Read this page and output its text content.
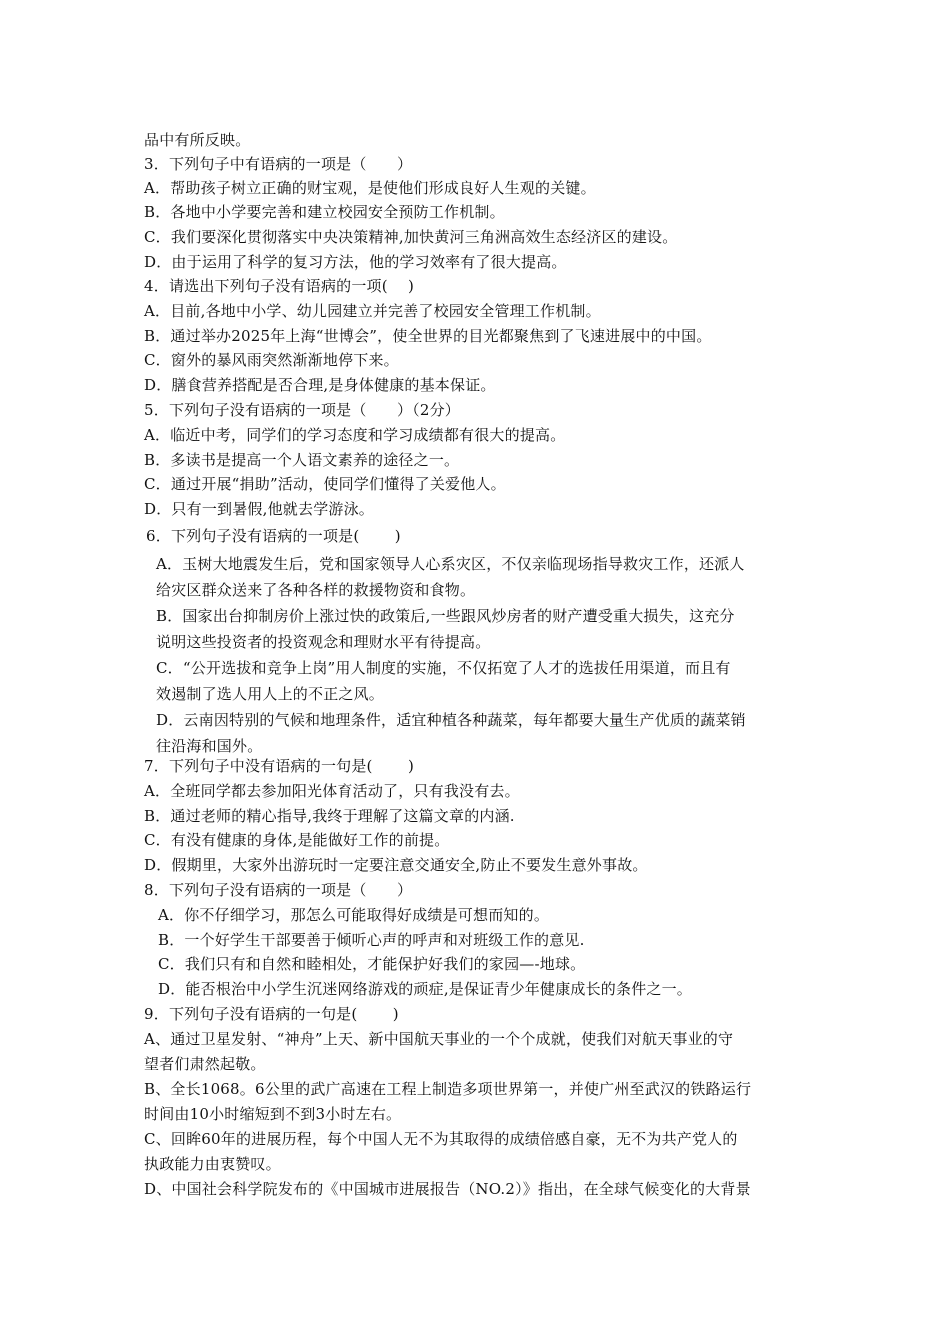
品中有所反映。
3．下列句子中有语病的一项是（　　）
A．帮助孩子树立正确的财宝观，是使他们形成良好人生观的关键。
B．各地中小学要完善和建立校园安全预防工作机制。
C．我们要深化贯彻落实中央决策精神,加快黄河三角洲高效生态经济区的建设。
D．由于运用了科学的复习方法，他的学习效率有了很大提高。
4．请选出下列句子没有语病的一项(　 )
A．目前,各地中小学、幼儿园建立并完善了校园安全管理工作机制。
B．通过举办2025年上海“世博会”，使全世界的目光都聚焦到了飞速进展中的中国。
C．窗外的暴风雨突然渐渐地停下来。
D．膳食营养搭配是否合理,是身体健康的基本保证。
5．下列句子没有语病的一项是（　　）（2分）
A．临近中考，同学们的学习态度和学习成绩都有很大的提高。
B．多读书是提高一个人语文素养的途径之一。
C．通过开展“捐助”活动，使同学们懂得了关爱他人。
D．只有一到暑假,他就去学游泳。
6．下列句子没有语病的一项是(　　 )
A．玉树大地震发生后，党和国家领导人心系灾区，不仅亲临现场指导救灾工作，还派人
给灾区群众送来了各种各样的救援物资和食物。
B．国家出台抑制房价上涨过快的政策后,一些跟风炒房者的财产遭受重大损失，这充分
说明这些投资者的投资观念和理财水平有待提高。
C．“公开选拔和竞争上岗”用人制度的实施，不仅拓宽了人才的选拔任用渠道，而且有
效遏制了选人用人上的不正之风。
D．云南因特别的气候和地理条件，适宜种植各种蔬菜，每年都要大量生产优质的蔬菜销
往沿海和国外。
7．下列句子中没有语病的一句是(　　 )
A．全班同学都去参加阳光体育活动了，只有我没有去。
B．通过老师的精心指导,我终于理解了这篇文章的内涵.
C．有没有健康的身体,是能做好工作的前提。
D．假期里，大家外出游玩时一定要注意交通安全,防止不要发生意外事故。
8．下列句子没有语病的一项是（　　）
A．你不仔细学习，那怎么可能取得好成绩是可想而知的。
B．一个好学生干部要善于倾听心声的呼声和对班级工作的意见.
C．我们只有和自然和睦相处，才能保护好我们的家园—-地球。
D．能否根治中小学生沉迷网络游戏的顽症,是保证青少年健康成长的条件之一。
9．下列句子没有语病的一句是(　　 )
A、通过卫星发射、“神舟”上天、新中国航天事业的一个个成就，使我们对航天事业的守
望者们肃然起敬。
B、全长1068。6公里的武广高速在工程上制造多项世界第一，并使广州至武汉的铁路运行
时间由10小时缩短到不到3小时左右。
C、回眸60年的进展历程，每个中国人无不为其取得的成绩倍感自豪，无不为共产党人的
执政能力由衷赞叹。
D、中国社会科学院发布的《中国城市进展报告（NO.2）》指出，在全球气候变化的大背景
